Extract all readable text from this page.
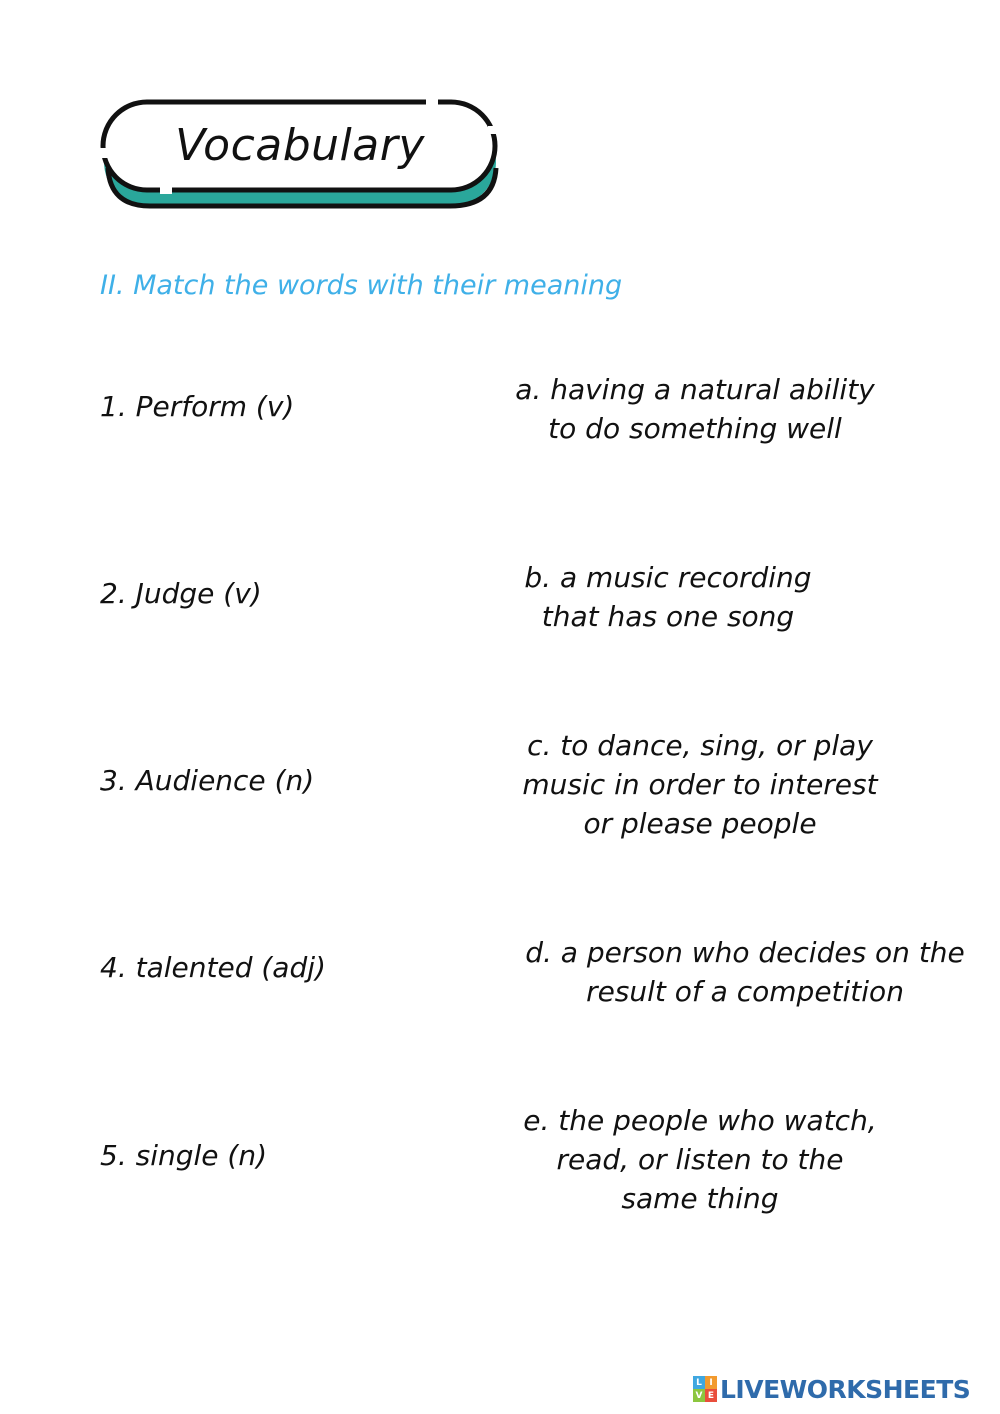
Vocabulary
II. Match the words with their meaning
1. Perform (v)
2. Judge (v)
3. Audience (n)
4. talented (adj)
5. single (n)
a. having a natural ability
to do something well
b. a music recording
that has one song
c. to dance, sing, or play
music in order to interest
or please people
d. a person who decides on the
result of a competition
e. the people who watch,
read, or listen to the
same thing
L I
V E LIVEWORKSHEETS
